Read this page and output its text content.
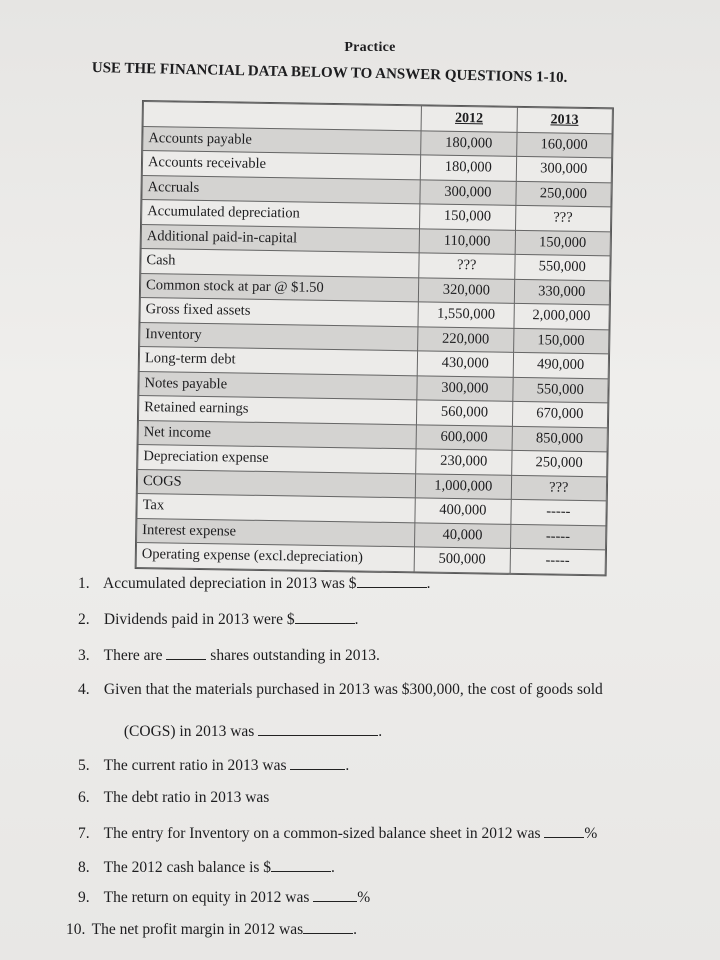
Practice
USE THE FINANCIAL DATA BELOW TO ANSWER QUESTIONS 1-10.
	2012	2013
Accounts payable	180,000	160,000
Accounts receivable	180,000	300,000
Accruals	300,000	250,000
Accumulated depreciation	150,000	???
Additional paid-in-capital	110,000	150,000
Cash	???	550,000
Common stock at par @ $1.50	320,000	330,000
Gross fixed assets	1,550,000	2,000,000
Inventory	220,000	150,000
Long-term debt	430,000	490,000
Notes payable	300,000	550,000
Retained earnings	560,000	670,000
Net income	600,000	850,000
Depreciation expense	230,000	250,000
COGS	1,000,000	???
Tax	400,000	-----
Interest expense	40,000	-----
Operating expense (excl.depreciation)	500,000	-----
1. Accumulated depreciation in 2013 was $	.
2. Dividends paid in 2013 were $	.
3. There are	shares outstanding in 2013.
4. Given that the materials purchased in 2013 was $300,000, the cost of goods sold
(COGS) in 2013 was	.
5. The current ratio in 2013 was	.
6. The debt ratio in 2013 was
7. The entry for Inventory on a common-sized balance sheet in 2012 was	%
8. The 2012 cash balance is $	.
9. The return on equity in 2012 was	%
10. The net profit margin in 2012 was	.
